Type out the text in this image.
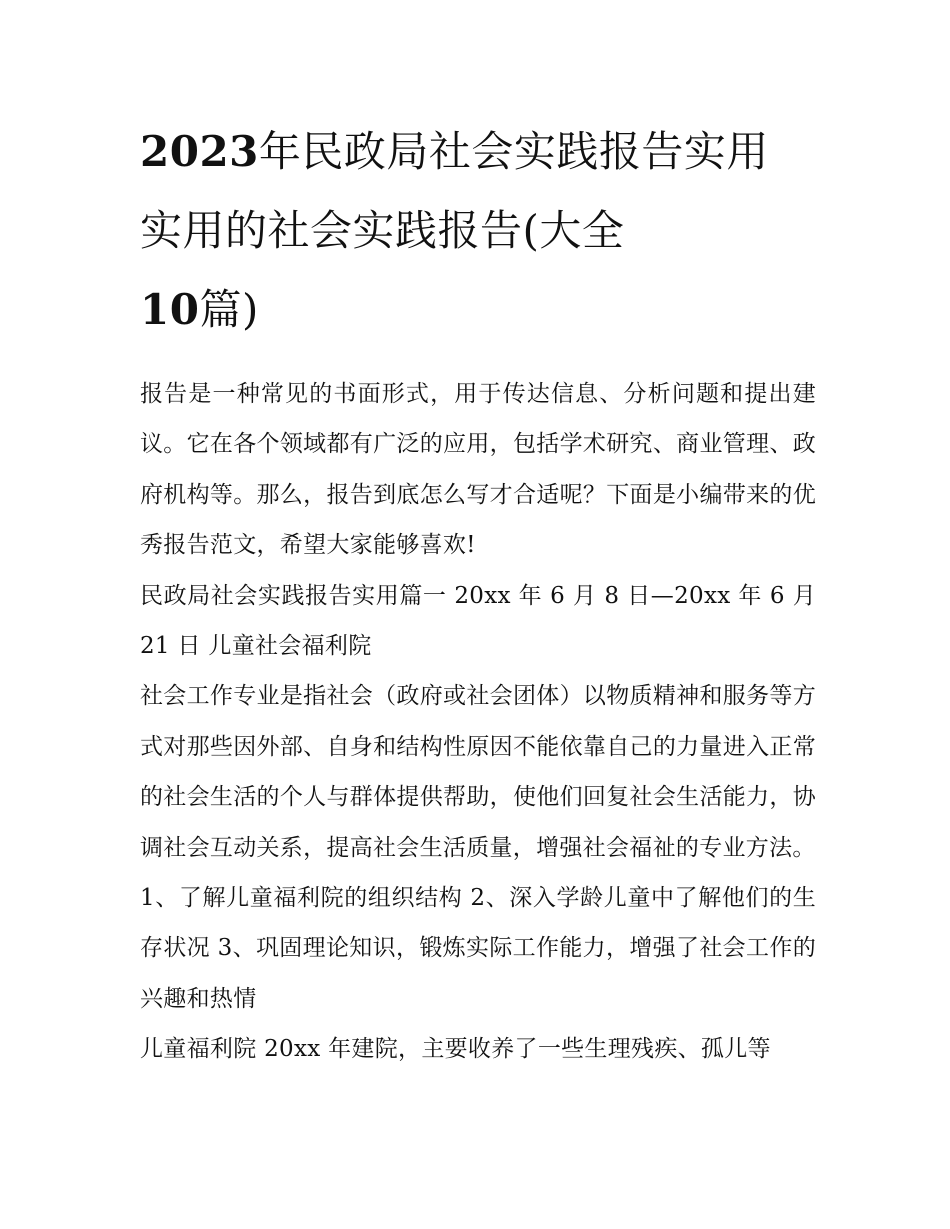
2023年民政局社会实践报告实用 实用的社会实践报告(大全
10篇)

报告是一种常见的书面形式，用于传达信息、分析问题和提出建议。它在各个领域都有广泛的应用，包括学术研究、商业管理、政府机构等。那么，报告到底怎么写才合适呢？下面是小编带来的优秀报告范文，希望大家能够喜欢!

民政局社会实践报告实用篇一 20xx 年 6 月 8 日—20xx 年 6 月 21 日 儿童社会福利院

社会工作专业是指社会（政府或社会团体）以物质精神和服务等方式对那些因外部、自身和结构性原因不能依靠自己的力量进入正常的社会生活的个人与群体提供帮助，使他们回复社会生活能力，协调社会互动关系，提高社会生活质量，增强社会福祉的专业方法。

1、了解儿童福利院的组织结构 2、深入学龄儿童中了解他们的生存状况 3、巩固理论知识，锻炼实际工作能力，增强了社会工作的兴趣和热情

儿童福利院 20xx 年建院，主要收养了一些生理残疾、孤儿等
